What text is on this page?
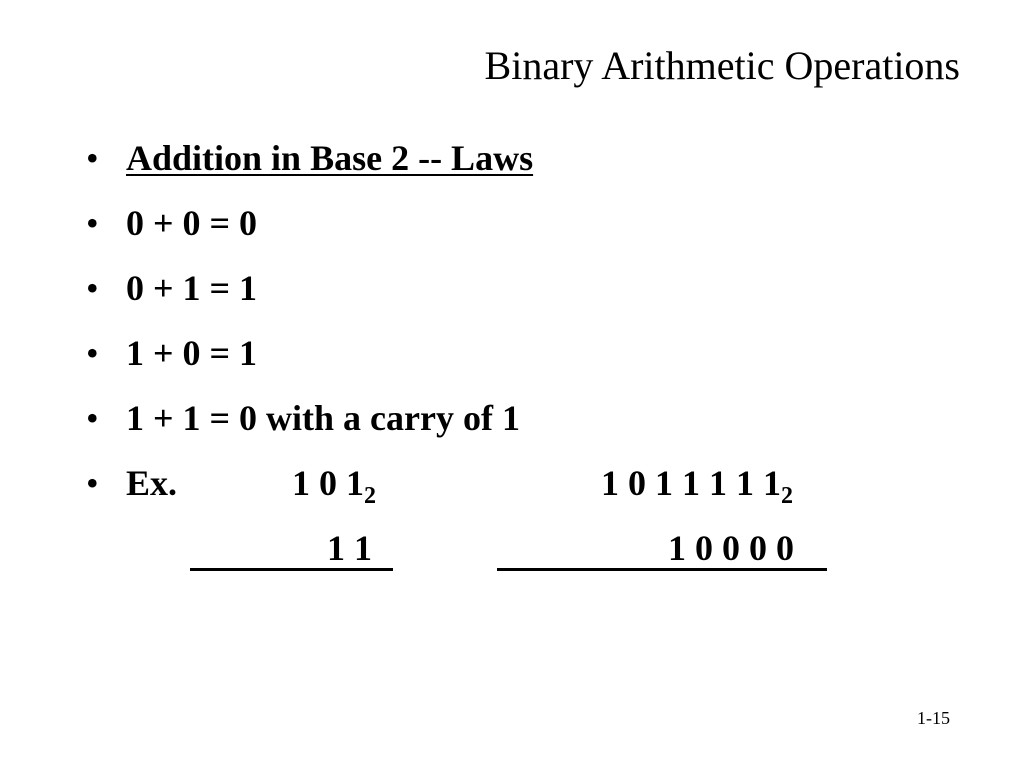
Binary Arithmetic Operations
• Addition in Base 2 -- Laws
• 0 + 0 = 0
• 0 + 1 = 1
• 1 + 0 = 1
• 1 + 1 = 0 with a carry of 1
• Ex.	1 0 $1_2$	1 0 1 1 1 1 $1_2$
1 1	1 0 0 0 0
1-15
